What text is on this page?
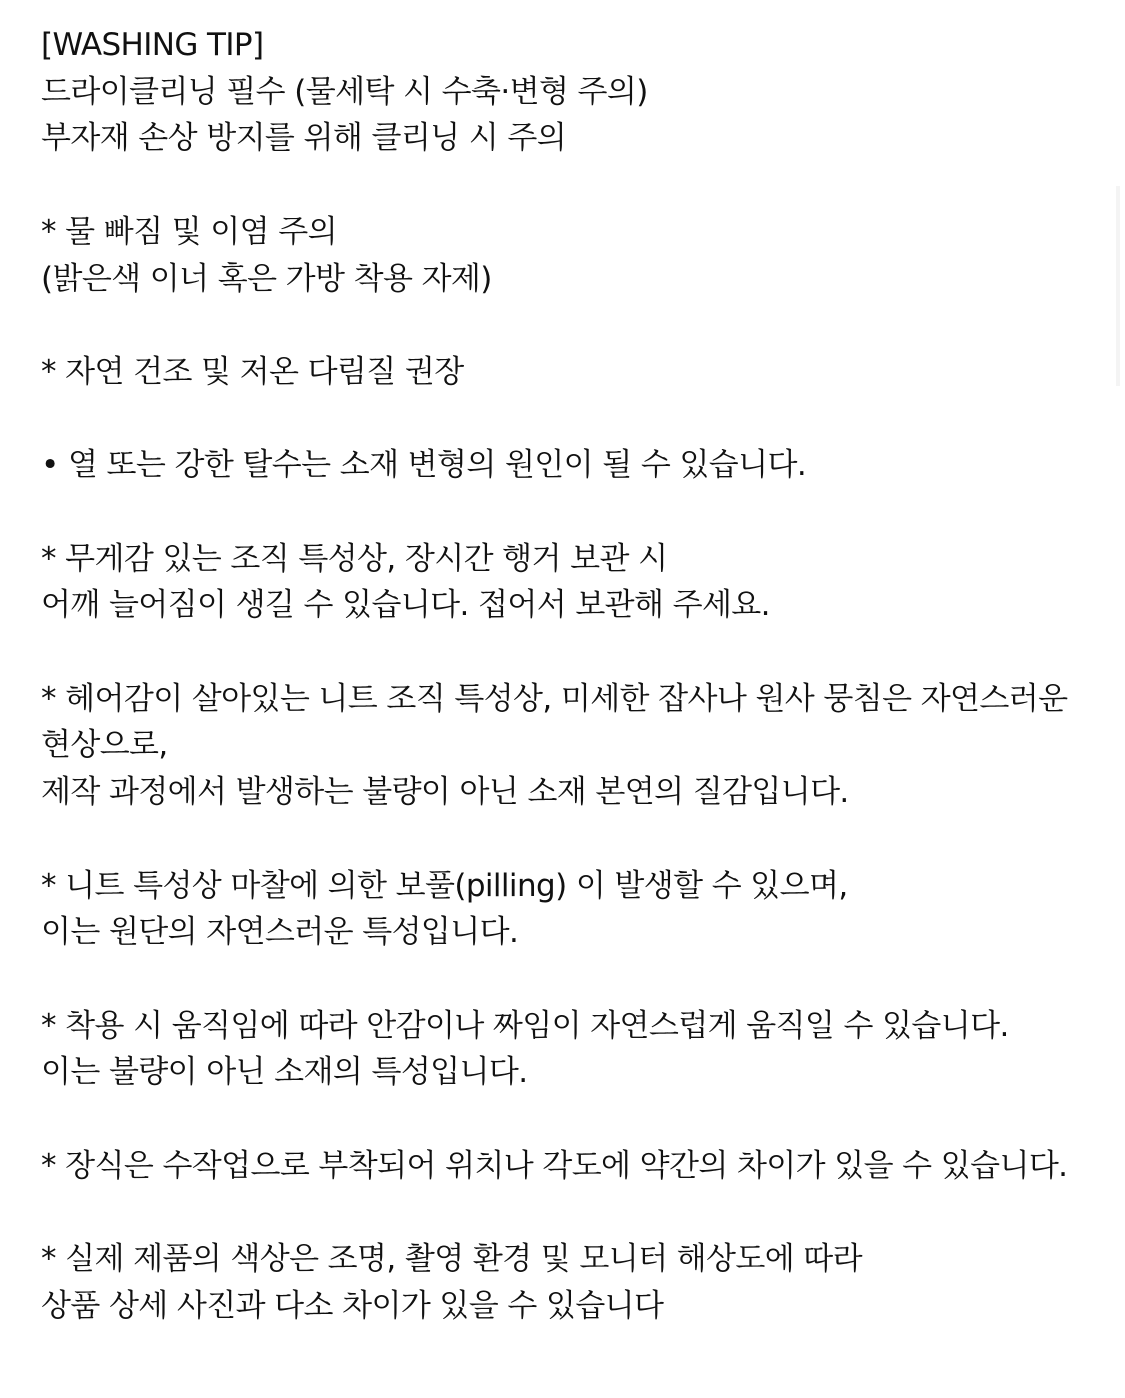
[WASHING TIP]
드라이클리닝 필수 (물세탁 시 수축·변형 주의)
부자재 손상 방지를 위해 클리닝 시 주의
* 물 빠짐 및 이염 주의
(밝은색 이너 혹은 가방 착용 자제)
* 자연 건조 및 저온 다림질 권장
• 열 또는 강한 탈수는 소재 변형의 원인이 될 수 있습니다.
* 무게감 있는 조직 특성상, 장시간 행거 보관 시
어깨 늘어짐이 생길 수 있습니다. 접어서 보관해 주세요.
* 헤어감이 살아있는 니트 조직 특성상, 미세한 잡사나 원사 뭉침은 자연스러운
현상으로,
제작 과정에서 발생하는 불량이 아닌 소재 본연의 질감입니다.
* 니트 특성상 마찰에 의한 보풀(pilling) 이 발생할 수 있으며,
이는 원단의 자연스러운 특성입니다.
* 착용 시 움직임에 따라 안감이나 짜임이 자연스럽게 움직일 수 있습니다.
이는 불량이 아닌 소재의 특성입니다.
* 장식은 수작업으로 부착되어 위치나 각도에 약간의 차이가 있을 수 있습니다.
* 실제 제품의 색상은 조명, 촬영 환경 및 모니터 해상도에 따라
상품 상세 사진과 다소 차이가 있을 수 있습니다
